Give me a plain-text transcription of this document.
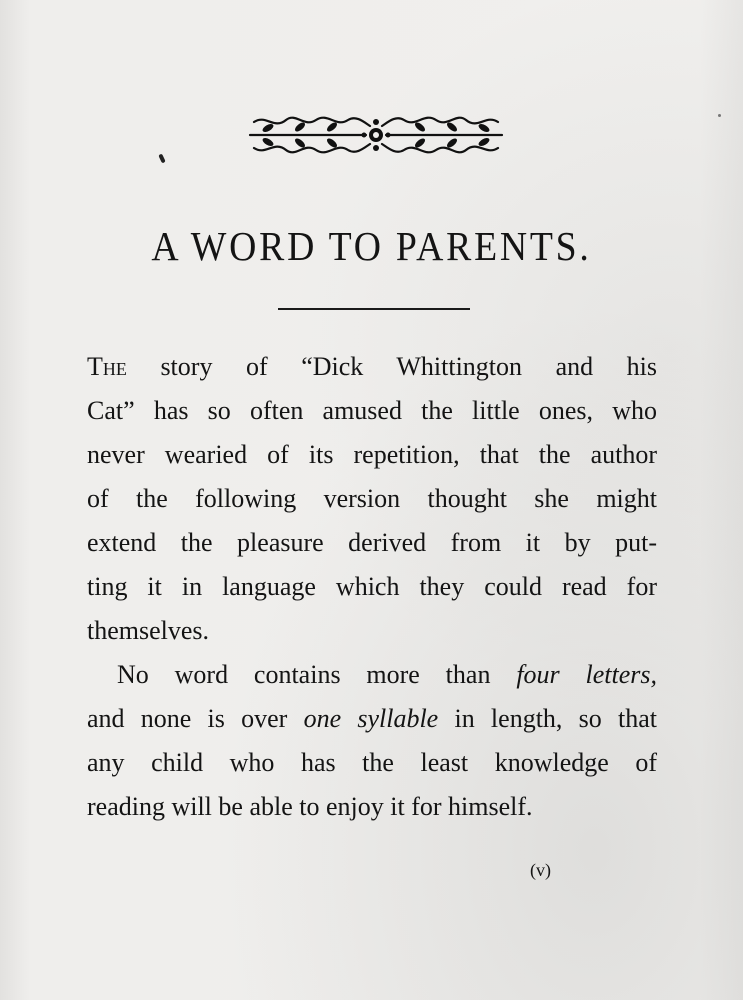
A WORD TO PARENTS.
The story of “Dick Whittington and his
Cat” has so often amused the little ones, who
never wearied of its repetition, that the author
of the following version thought she might
extend the pleasure derived from it by put-
ting it in language which they could read for
themselves.
No word contains more than four letters,
and none is over one syllable in length, so that
any child who has the least knowledge of
reading will be able to enjoy it for himself.
(v)
